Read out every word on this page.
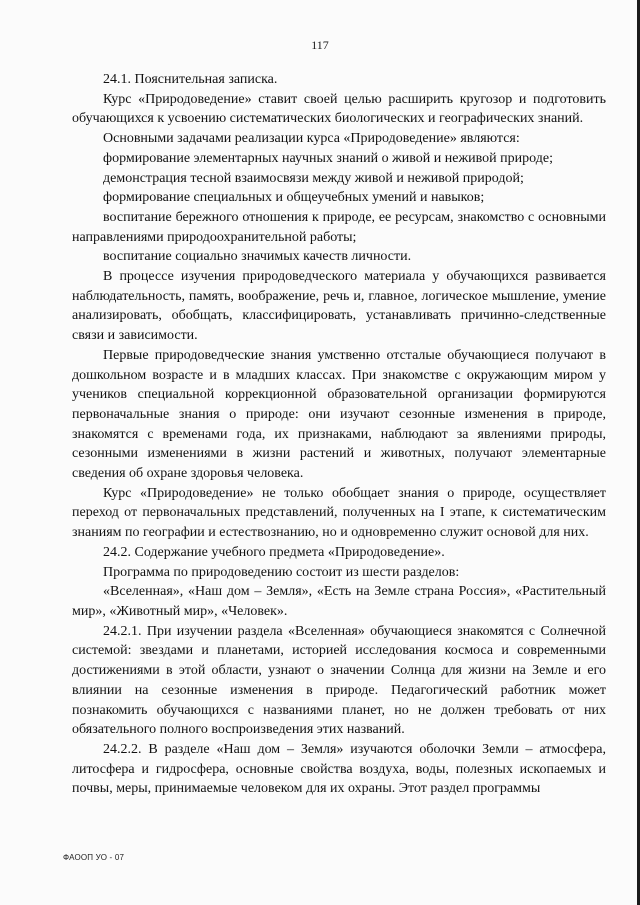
117

24.1. Пояснительная записка.

Курс «Природоведение» ставит своей целью расширить кругозор и подготовить обучающихся к усвоению систематических биологических и географических знаний.

Основными задачами реализации курса «Природоведение» являются:

формирование элементарных научных знаний о живой и неживой природе;

демонстрация тесной взаимосвязи между живой и неживой природой;

формирование специальных и общеучебных умений и навыков;

воспитание бережного отношения к природе, ее ресурсам, знакомство с основными направлениями природоохранительной работы;

воспитание социально значимых качеств личности.

В процессе изучения природоведческого материала у обучающихся развивается наблюдательность, память, воображение, речь и, главное, логическое мышление, умение анализировать, обобщать, классифицировать, устанавливать причинно-следственные связи и зависимости.

Первые природоведческие знания умственно отсталые обучающиеся получают в дошкольном возрасте и в младших классах. При знакомстве с окружающим миром у учеников специальной коррекционной образовательной организации формируются первоначальные знания о природе: они изучают сезонные изменения в природе, знакомятся с временами года, их признаками, наблюдают за явлениями природы, сезонными изменениями в жизни растений и животных, получают элементарные сведения об охране здоровья человека.

Курс «Природоведение» не только обобщает знания о природе, осуществляет переход от первоначальных представлений, полученных на I этапе, к систематическим знаниям по географии и естествознанию, но и одновременно служит основой для них.

24.2. Содержание учебного предмета «Природоведение».

Программа по природоведению состоит из шести разделов:

«Вселенная», «Наш дом – Земля», «Есть на Земле страна Россия», «Растительный мир», «Животный мир», «Человек».

24.2.1. При изучении раздела «Вселенная» обучающиеся знакомятся с Солнечной системой: звездами и планетами, историей исследования космоса и современными достижениями в этой области, узнают о значении Солнца для жизни на Земле и его влиянии на сезонные изменения в природе. Педагогический работник может познакомить обучающихся с названиями планет, но не должен требовать от них обязательного полного воспроизведения этих названий.

24.2.2. В разделе «Наш дом – Земля» изучаются оболочки Земли – атмосфера, литосфера и гидросфера, основные свойства воздуха, воды, полезных ископаемых и почвы, меры, принимаемые человеком для их охраны. Этот раздел программы

ФАООП УО - 07
